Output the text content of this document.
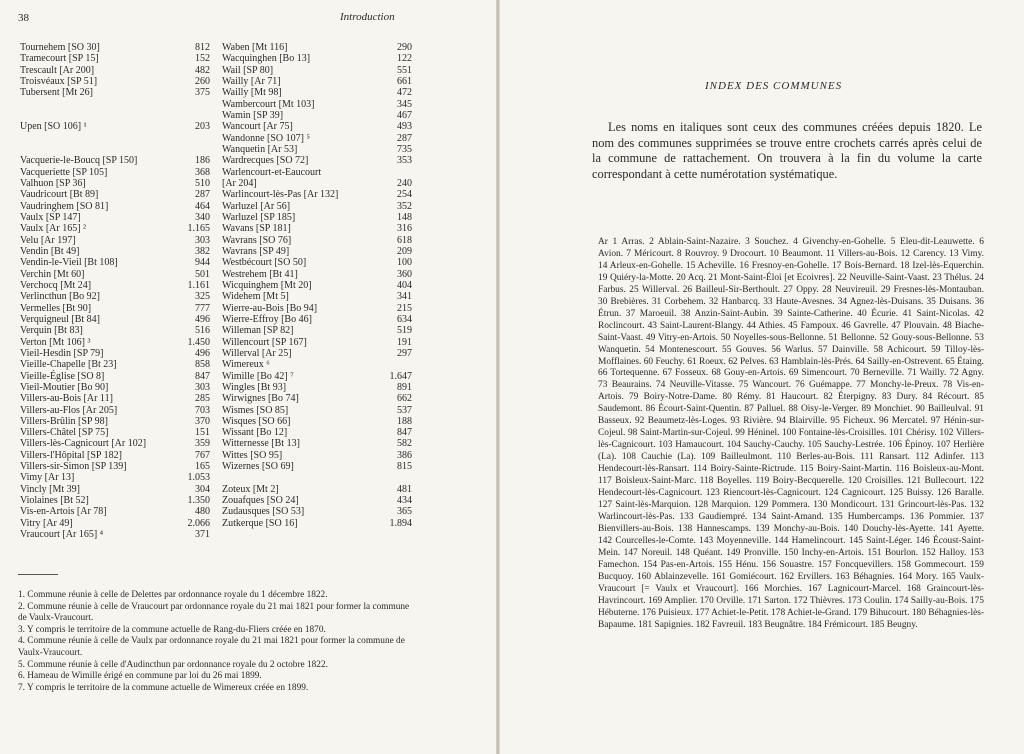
38	Introduction
Tournehem [SO 30]	812
Tramecourt [SP 15]	152
Trescault [Ar 200]	482
Troisvéaux [SP 51]	260
Tubersent [Mt 26]	375
Upen [SO 106] ¹	203
Vacquerie-le-Boucq [SP 150]	186
Vacqueriette [SP 105]	368
Valhuon [SP 36]	510
Vaudricourt [Bt 89]	287
Vaudringhem [SO 81]	464
Vaulx [SP 147]	340
Vaulx [Ar 165] ²	1.165
Velu [Ar 197]	303
Vendin [Bt 49]	382
Vendin-le-Vieil [Bt 108]	944
Verchin [Mt 60]	501
Verchocq [Mt 24]	1.161
Verlincthun [Bo 92]	325
Vermelles [Bt 90]	777
Verquigneul [Bt 84]	496
Verquin [Bt 83]	516
Verton [Mt 106] ³	1.450
Vieil-Hesdin [SP 79]	496
Vieille-Chapelle [Bt 23]	858
Vieille-Église [SO 8]	847
Vieil-Moutier [Bo 90]	303
Villers-au-Bois [Ar 11]	285
Villers-au-Flos [Ar 205]	703
Villers-Brûlin [SP 98]	370
Villers-Châtel [SP 75]	151
Villers-lès-Cagnicourt [Ar 102]	359
Villers-l'Hôpital [SP 182]	767
Villers-sir-Simon [SP 139]	165
Vimy [Ar 13]	1.053
Vincly [Mt 39]	304
Violaines [Bt 52]	1.350
Vis-en-Artois [Ar 78]	480
Vitry [Ar 49]	2.066
Vraucourt [Ar 165] ⁴	371
Waben [Mt 116]	290
Wacquinghen [Bo 13]	122
Wail [SP 80]	551
Wailly [Ar 71]	661
Wailly [Mt 98]	472
Wambercourt [Mt 103]	345
Wamin [SP 39]	467
Wancourt [Ar 75]	493
Wandonne [SO 107] ⁵	287
Wanquetin [Ar 53]	735
Wardrecques [SO 72]	353
Warlencourt-et-Eaucourt
[Ar 204]	240
Warlincourt-lès-Pas [Ar 132]	254
Warluzel [Ar 56]	352
Warluzel [SP 185]	148
Wavans [SP 181]	316
Wavrans [SO 76]	618
Wavrans [SP 49]	209
Westbécourt [SO 50]	100
Westrehem [Bt 41]	360
Wicquinghem [Mt 20]	404
Widehem [Mt 5]	341
Wierre-au-Bois [Bo 94]	215
Wierre-Effroy [Bo 46]	634
Willeman [SP 82]	519
Willencourt [SP 167]	191
Willerval [Ar 25]	297
Wimereux ⁶
Wimille [Bo 42] ⁷	1.647
Wingles [Bt 93]	891
Wirwignes [Bo 74]	662
Wismes [SO 85]	537
Wisques [SO 66]	188
Wissant [Bo 12]	847
Witternesse [Bt 13]	582
Wittes [SO 95]	386
Wizernes [SO 69]	815
Zoteux [Mt 2]	481
Zouafques [SO 24]	434
Zudausques [SO 53]	365
Zutkerque [SO 16]	1.894
1. Commune réunie à celle de Delettes par ordonnance royale du 1 décembre 1822.
2. Commune réunie à celle de Vraucourt par ordonnance royale du 21 mai 1821 pour former la commune de Vaulx-Vraucourt.
3. Y compris le territoire de la commune actuelle de Rang-du-Fliers créée en 1870.
4. Commune réunie à celle de Vaulx par ordonnance royale du 21 mai 1821 pour former la commune de Vaulx-Vraucourt.
5. Commune réunie à celle d'Audincthun par ordonnance royale du 2 octobre 1822.
6. Hameau de Wimille érigé en commune par loi du 26 mai 1899.
7. Y compris le territoire de la commune actuelle de Wimereux créée en 1899.
INDEX DES COMMUNES
Les noms en italiques sont ceux des communes créées depuis 1820. Le nom des communes supprimées se trouve entre crochets carrés après celui de la commune de rattachement. On trouvera à la fin du volume la carte correspondant à cette numérotation systématique.
Ar 1 Arras. 2 Ablain-Saint-Nazaire. 3 Souchez. 4 Givenchy-en-Gohelle. 5 Eleu-dit-Leauwette. 6 Avion. 7 Méricourt. 8 Rouvroy. 9 Drocourt. 10 Beaumont. 11 Villers-au-Bois. 12 Carency. 13 Vimy. 14 Arleux-en-Gohelle. 15 Acheville. 16 Fresnoy-en-Gohelle. 17 Bois-Bernard. 18 Izel-lès-Equerchin. 19 Quiéry-la-Motte. 20 Acq. 21 Mont-Saint-Éloi [et Ecoivres]. 22 Neuville-Saint-Vaast. 23 Thélus. 24 Farbus. 25 Willerval. 26 Bailleul-Sir-Berthoult. 27 Oppy. 28 Neuvireuil. 29 Fresnes-lès-Montauban. 30 Brebières. 31 Corbehem. 32 Hanbarcq. 33 Haute-Avesnes. 34 Agnez-lès-Duisans. 35 Duisans. 36 Étrun. 37 Maroeuil. 38 Anzin-Saint-Aubin. 39 Sainte-Catherine. 40 Écurie. 41 Saint-Nicolas. 42 Roclincourt. 43 Saint-Laurent-Blangy. 44 Athies. 45 Fampoux. 46 Gavrelle. 47 Plouvain. 48 Biache-Saint-Vaast. 49 Vitry-en-Artois. 50 Noyelles-sous-Bellonne. 51 Bellonne. 52 Gouy-sous-Bellonne. 53 Wanquetin. 54 Montenescourt. 55 Gouves. 56 Warlus. 57 Dainville. 58 Achicourt. 59 Tilloy-lès-Mofflaines. 60 Feuchy. 61 Roeux. 62 Pelves. 63 Hamblain-lès-Prés. 64 Sailly-en-Ostrevent. 65 Étaing. 66 Tortequenne. 67 Fosseux. 68 Gouy-en-Artois. 69 Simencourt. 70 Berneville. 71 Wailly. 72 Agny. 73 Beaurains. 74 Neuville-Vitasse. 75 Wancourt. 76 Guémappe. 77 Monchy-le-Preux. 78 Vis-en-Artois. 79 Boiry-Notre-Dame. 80 Rémy. 81 Haucourt. 82 Éterpigny. 83 Dury. 84 Récourt. 85 Saudemont. 86 Écourt-Saint-Quentin. 87 Palluel. 88 Oisy-le-Verger. 89 Monchiet. 90 Bailleulval. 91 Basseux. 92 Beaumetz-lès-Loges. 93 Rivière. 94 Blairville. 95 Ficheux. 96 Mercatel. 97 Hénin-sur-Cojeul. 98 Saint-Martin-sur-Cojeul. 99 Héninel. 100 Fontaine-lès-Croisilles. 101 Chérisy. 102 Villers-lès-Cagnicourt. 103 Hamaucourt. 104 Sauchy-Cauchy. 105 Sauchy-Lestrée. 106 Épinoy. 107 Herlière (La). 108 Cauchie (La). 109 Bailleulmont. 110 Berles-au-Bois. 111 Ransart. 112 Adinfer. 113 Hendecourt-lès-Ransart. 114 Boiry-Sainte-Rictrude. 115 Boiry-Saint-Martin. 116 Boisleux-au-Mont. 117 Boisleux-Saint-Marc. 118 Boyelles. 119 Boiry-Becquerelle. 120 Croisilles. 121 Bullecourt. 122 Hendecourt-lès-Cagnicourt. 123 Riencourt-lès-Cagnicourt. 124 Cagnicourt. 125 Buissy. 126 Baralle. 127 Saint-lès-Marquion. 128 Marquion. 129 Pommera. 130 Mondicourt. 131 Grincourt-lès-Pas. 132 Warlincourt-lès-Pas. 133 Gaudiempré. 134 Saint-Amand. 135 Humbercamps. 136 Pommier. 137 Bienvillers-au-Bois. 138 Hannescamps. 139 Monchy-au-Bois. 140 Douchy-lès-Ayette. 141 Ayette. 142 Courcelles-le-Comte. 143 Moyenneville. 144 Hamelincourt. 145 Saint-Léger. 146 Écoust-Saint-Mein. 147 Noreuil. 148 Quéant. 149 Pronville. 150 Inchy-en-Artois. 151 Bourlon. 152 Halloy. 153 Famechon. 154 Pas-en-Artois. 155 Hénu. 156 Souastre. 157 Foncquevillers. 158 Gommecourt. 159 Bucquoy. 160 Ablainzevelle. 161 Gomiécourt. 162 Ervillers. 163 Béhagnies. 164 Mory. 165 Vaulx-Vraucourt [= Vaulx et Vraucourt]. 166 Morchies. 167 Lagnicourt-Marcel. 168 Graincourt-lès-Havrincourt. 169 Amplier. 170 Orville. 171 Sarton. 172 Thièvres. 173 Coulin. 174 Sailly-au-Bois. 175 Hébuterne. 176 Puisieux. 177 Achiet-le-Petit. 178 Achiet-le-Grand. 179 Bihucourt. 180 Béhagnies-lès-Bapaume. 181 Sapignies. 182 Favreuil. 183 Beugnâtre. 184 Frémicourt. 185 Beugny.
